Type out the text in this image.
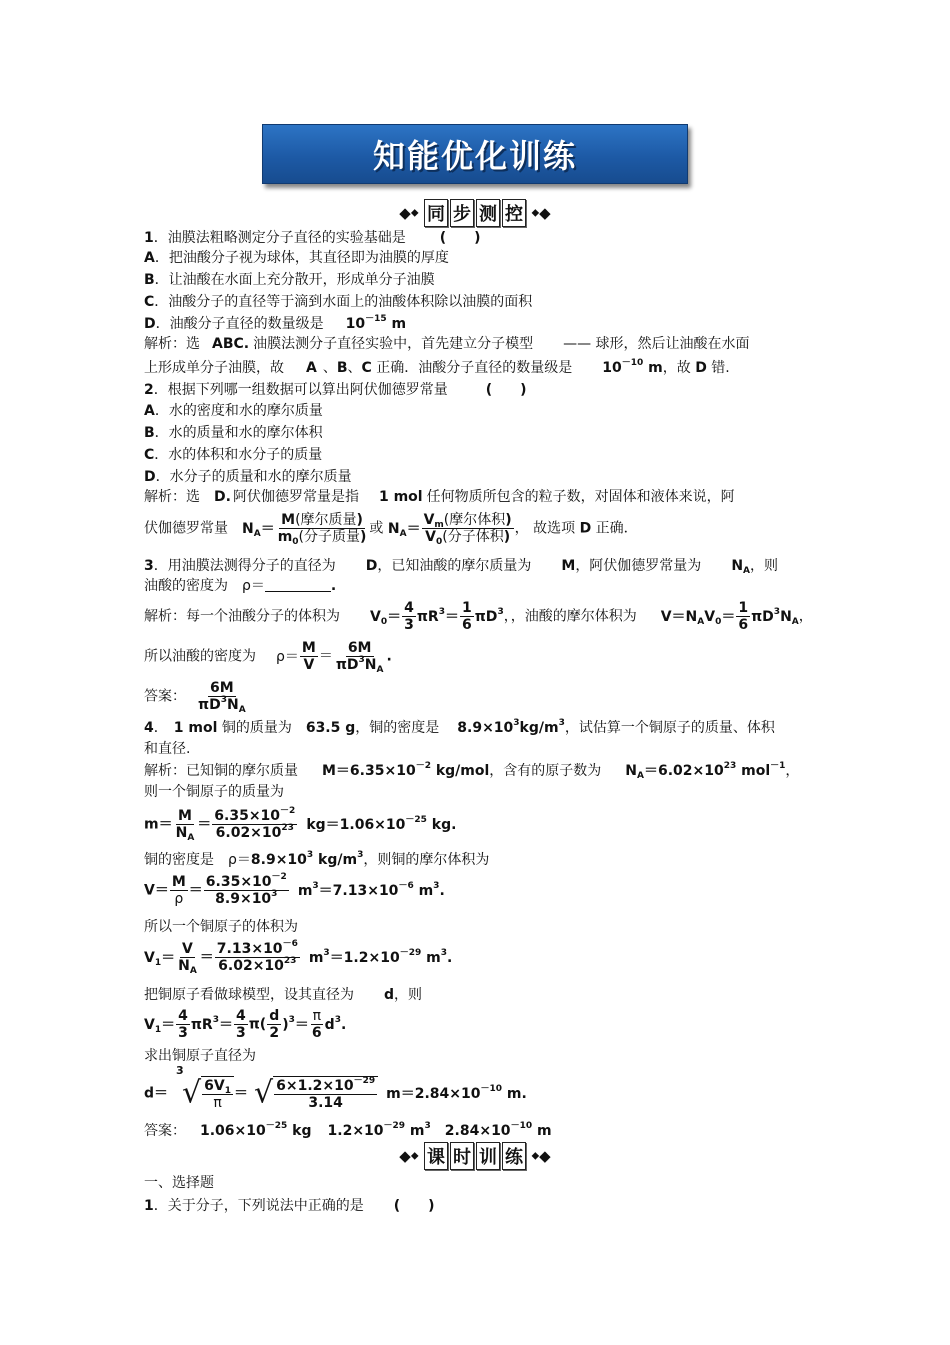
知能优化训练
◆◆ 同 步 测 控 ◆◆
1．油膜法粗略测定分子直径的实验基础是 (　　)
A．把油酸分子视为球体，其直径即为油膜的厚度
B．让油酸在水面上充分散开，形成单分子油膜
C．油酸分子的直径等于滴到水面上的油酸体积除以油膜的面积
D．油酸分子直径的数量级是 $10^{-15}$ m
解析：选 ABC. 油膜法测分子直径实验中，首先建立分子模型 —— 球形，然后让油酸在水面
上形成单分子油膜，故 A 、B、C 正确．油酸分子直径的数量级是 $10^{-10}$ m，故 D 错.
2．根据下列哪一组数据可以算出阿伏伽德罗常量	(　　)
A．水的密度和水的摩尔质量
B．水的质量和水的摩尔体积
C．水的体积和水分子的质量
D．水分子的质量和水的摩尔质量
解析：选 D. 阿伏伽德罗常量是指 1 mol 任何物质所包含的粒子数，对固体和液体来说，阿
伏伽德罗常量 $N_A= \frac{\text{M(摩尔质量)}}{m_0(分子质量)}$ 或 $N_A= \frac{V_m(摩尔体积)}{V_0(分子体积)}$ ， 故选项 D 正确．
3．用油膜法测得分子的直径为 D，已知油酸的摩尔质量为 M，阿伏伽德罗常量为 $N_A$，则
油酸的密度为 ρ＝	.
解析：每一个油酸分子的体积为 $V_0= \frac{4}{3} \pi R^3= \frac{1}{6} \pi D^3$，，油酸的摩尔体积为 $V=N_AV_0= \frac{1}{6} \pi D^3N_A$，
所以油酸的密度为 $\rho= \frac{M}{V} = \frac{6M}{\pi D^3N_A}$ .
答案： $\frac{6M}{\pi D^3N_A}$
4． 1 mol 铜的质量为 63.5 g，铜的密度是 $8.9\times 10^3kg/m^3$，试估算一个铜原子的质量、体积
和直径.
解析：已知铜的摩尔质量 $M=6.35\times 10^{-2}$ kg/mol，含有的原子数为 $N_A=6.02\times 10^{23}$ mol$^{-1}$，
则一个铜原子的质量为
$m= \frac{M}{N_A} = \frac{6.35\times 10^{-2}}{6.02\times 10^{23}} kg=1.06\times 10^{-25}$ kg.
铜的密度是 $\rho=8.9\times 10^3$ $kg/m^3$，则铜的摩尔体积为
$V= \frac{M}{\rho} = \frac{6.35\times 10^{-2}}{8.9\times 10^3} m^3=7.13\times 10^{-6}$ $m^3$.
所以一个铜原子的体积为
$V_1= \frac{V}{N_A} = \frac{7.13\times 10^{-6}}{6.02\times 10^{23}} m^3=1.2\times 10^{-29}$ $m^3$.
把铜原子看做球模型，设其直径为 d，则
$V_1= \frac{4}{3} \pi R^3= \frac{4}{3} \pi( \frac{d}{2} )^3= \frac{\pi}{6} d^3$.
求出铜原子直径为
d＝
3
√ $\frac{6V_1}{\pi}$ ＝ √ $\frac{6\times 1.2\times 10^{-29}}{3.14} m=2.84\times 10^{-10}$ m.
答案： $1.06\times 10^{-25}$ kg $1.2\times 10^{-29}$ $m^3$ $2.84\times 10^{-10}$ m
◆◆ 课 时 训 练 ◆◆
一、选择题
1．关于分子，下列说法中正确的是 (　　)
